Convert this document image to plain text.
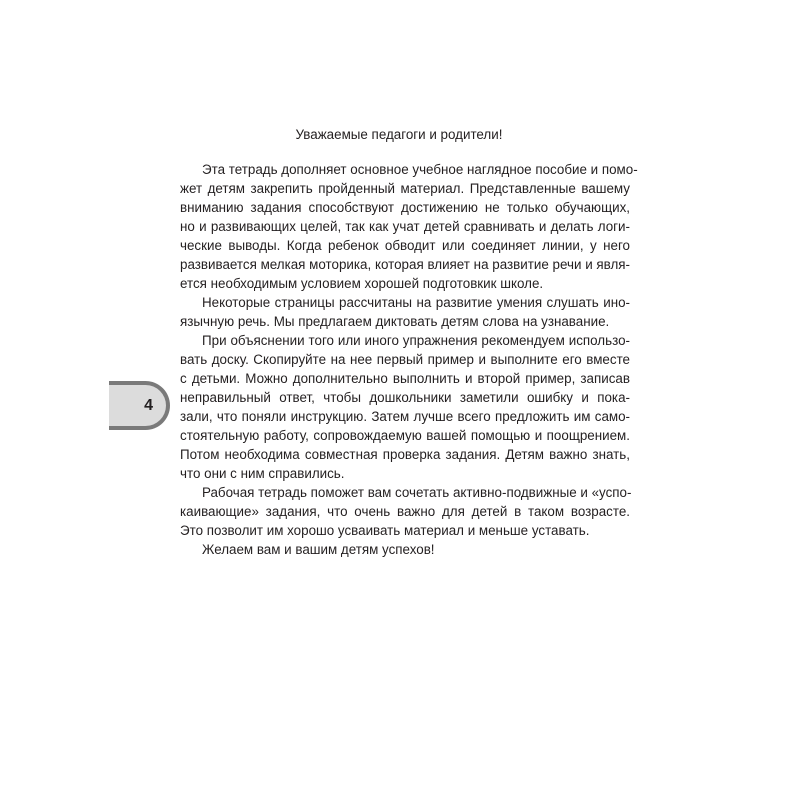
Уважаемые педагоги и родители!
Эта тетрадь дополняет основное учебное наглядное пособие и помо-
жет детям закрепить пройденный материал. Представленные вашему
вниманию задания способствуют достижению не только обучающих,
но и развивающих целей, так как учат детей сравнивать и делать логи-
ческие выводы. Когда ребенок обводит или соединяет линии, у него
развивается мелкая моторика, которая влияет на развитие речи и явля-
ется необходимым условием хорошей подготовкик школе.
Некоторые страницы рассчитаны на развитие умения слушать ино-
язычную речь. Мы предлагаем диктовать детям слова на узнавание.
При объяснении того или иного упражнения рекомендуем использо-
вать доску. Скопируйте на нее первый пример и выполните его вместе
с детьми. Можно дополнительно выполнить и второй пример, записав
неправильный ответ, чтобы дошкольники заметили ошибку и пока-
зали, что поняли инструкцию. Затем лучше всего предложить им само-
стоятельную работу, сопровождаемую вашей помощью и поощрением.
Потом необходима совместная проверка задания. Детям важно знать,
что они с ним справились.
Рабочая тетрадь поможет вам сочетать активно-подвижные и «успо-
каивающие» задания, что очень важно для детей в таком возрасте.
Это позволит им хорошо усваивать материал и меньше уставать.
Желаем вам и вашим детям успехов!
4
